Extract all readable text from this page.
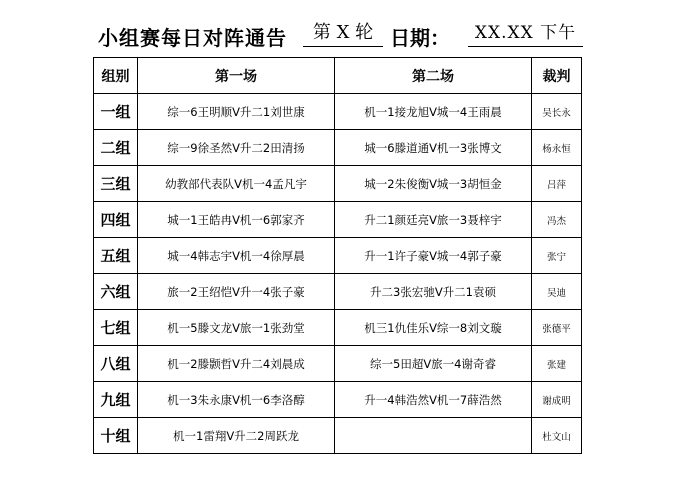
小组赛每日对阵通告	第 X 轮 日期：	XX.XX 下午
组别	第一场	第二场	裁判
一组	综一6王明顺V升二1刘世康	机一1接龙旭V城一4王雨晨	吴长永
二组	综一9徐圣然V升二2田清扬	城一6滕道通V机一3张博文	杨永恒
三组	幼教部代表队V机一4孟凡宇	城一2朱俊衡V城一3胡恒金	吕萍
四组	城一1王皓冉V机一6郭家齐	升二1颜廷亮V旅一3聂梓宇	冯杰
五组	城一4韩志宇V机一4徐厚晨	升一1许子豪V城一4郭子豪	张宁
六组	旅一2王绍恺V升一4张子豪	升二3张宏驰V升二1袁硕	吴迪
七组	机一5滕文龙V旅一1张劲堂	机三1仇佳乐V综一8刘文璇	张德平
八组	机一2滕颢哲V升二4刘晨成	综一5田超V旅一4谢奇睿	张建
九组	机一3朱永康V机一6李洛醇	升一4韩浩然V机一7薛浩然	谢成明
十组	机一1雷翔V升二2周跃龙		杜文山
